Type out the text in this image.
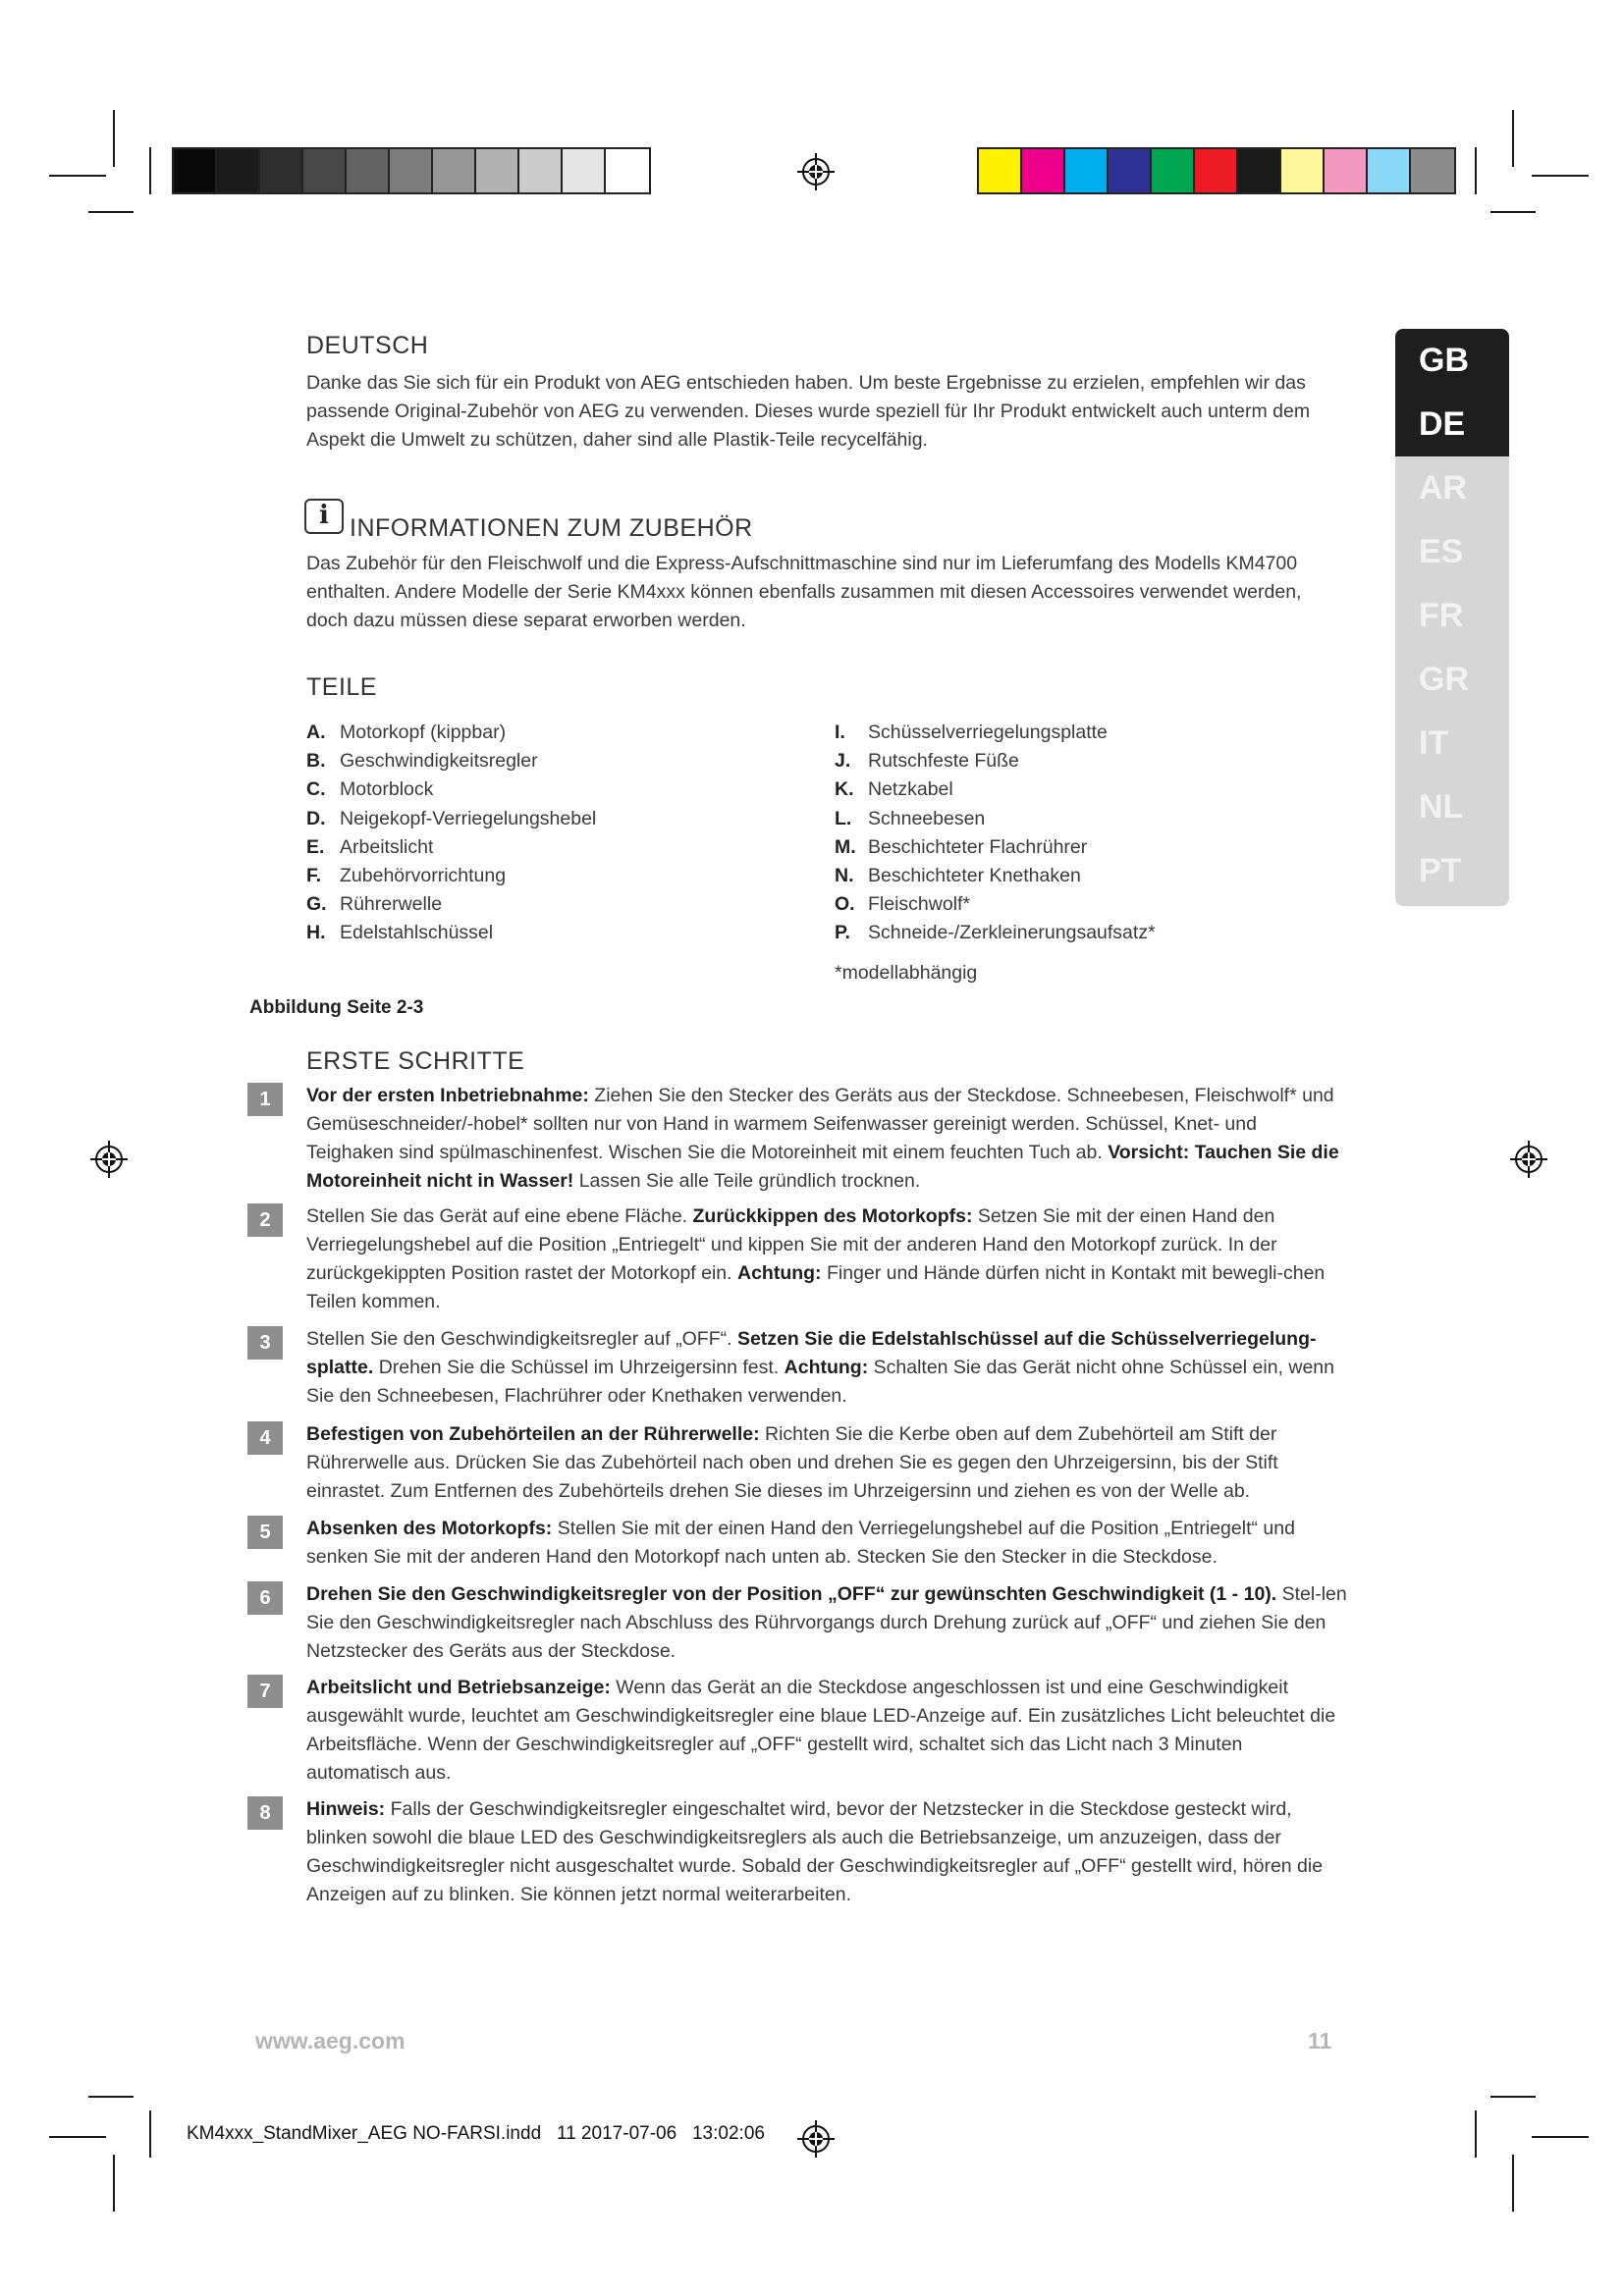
GB
DE
AR
ES
FR
GR
IT
NL
PT
DEUTSCH
Danke das Sie sich für ein Produkt von AEG entschieden haben. Um beste Ergebnisse zu erzielen, empfehlen wir das passende Original-Zubehör von AEG zu verwenden. Dieses wurde speziell für Ihr Produkt entwickelt auch unterm dem Aspekt die Umwelt zu schützen, daher sind alle Plastik-Teile recycelfähig.
i INFORMATIONEN ZUM ZUBEHÖR
Das Zubehör für den Fleischwolf und die Express-Aufschnittmaschine sind nur im Lieferumfang des Modells KM4700 enthalten. Andere Modelle der Serie KM4xxx können ebenfalls zusammen mit diesen Accessoires verwendet werden, doch dazu müssen diese separat erworben werden.
TEILE
A. Motorkopf (kippbar)
B. Geschwindigkeitsregler
C. Motorblock
D. Neigekopf-Verriegelungshebel
E. Arbeitslicht
F. Zubehörvorrichtung
G. Rührerwelle
H. Edelstahlschüssel
I.	Schüsselverriegelungsplatte
J. Rutschfeste Füße
K. Netzkabel
L. Schneebesen
M. Beschichteter Flachrührer
N. Beschichteter Knethaken
O. Fleischwolf*
P. Schneide-/Zerkleinerungsaufsatz*
*modellabhängig
Abbildung Seite 2-3
ERSTE SCHRITTE
1	Vor der ersten Inbetriebnahme: Ziehen Sie den Stecker des Geräts aus der Steckdose. Schneebesen, Fleischwolf* und Gemüseschneider/-hobel* sollten nur von Hand in warmem Seifenwasser gereinigt werden. Schüssel, Knet- und Teighaken sind spülmaschinenfest. Wischen Sie die Motoreinheit mit einem feuchten Tuch ab. Vorsicht: Tauchen Sie die Motoreinheit nicht in Wasser! Lassen Sie alle Teile gründlich trocknen.
2	Stellen Sie das Gerät auf eine ebene Fläche. Zurückkippen des Motorkopfs: Setzen Sie mit der einen Hand den Verriegelungshebel auf die Position „Entriegelt“ und kippen Sie mit der anderen Hand den Motorkopf zurück. In der zurückgekippten Position rastet der Motorkopf ein. Achtung: Finger und Hände dürfen nicht in Kontakt mit bewegli-chen Teilen kommen.
3	Stellen Sie den Geschwindigkeitsregler auf „OFF“. Setzen Sie die Edelstahlschüssel auf die Schüsselverriegelung-splatte. Drehen Sie die Schüssel im Uhrzeigersinn fest. Achtung: Schalten Sie das Gerät nicht ohne Schüssel ein, wenn Sie den Schneebesen, Flachrührer oder Knethaken verwenden.
4	Befestigen von Zubehörteilen an der Rührerwelle: Richten Sie die Kerbe oben auf dem Zubehörteil am Stift der Rührerwelle aus. Drücken Sie das Zubehörteil nach oben und drehen Sie es gegen den Uhrzeigersinn, bis der Stift einrastet. Zum Entfernen des Zubehörteils drehen Sie dieses im Uhrzeigersinn und ziehen es von der Welle ab.
5	Absenken des Motorkopfs: Stellen Sie mit der einen Hand den Verriegelungshebel auf die Position „Entriegelt“ und senken Sie mit der anderen Hand den Motorkopf nach unten ab. Stecken Sie den Stecker in die Steckdose.
6	Drehen Sie den Geschwindigkeitsregler von der Position „OFF“ zur gewünschten Geschwindigkeit (1 - 10). Stel-len Sie den Geschwindigkeitsregler nach Abschluss des Rührvorgangs durch Drehung zurück auf „OFF“ und ziehen Sie den Netzstecker des Geräts aus der Steckdose.
7	Arbeitslicht und Betriebsanzeige: Wenn das Gerät an die Steckdose angeschlossen ist und eine Geschwindigkeit ausgewählt wurde, leuchtet am Geschwindigkeitsregler eine blaue LED-Anzeige auf. Ein zusätzliches Licht beleuchtet die Arbeitsfläche. Wenn der Geschwindigkeitsregler auf „OFF“ gestellt wird, schaltet sich das Licht nach 3 Minuten automatisch aus.
8	Hinweis: Falls der Geschwindigkeitsregler eingeschaltet wird, bevor der Netzstecker in die Steckdose gesteckt wird, blinken sowohl die blaue LED des Geschwindigkeitsreglers als auch die Betriebsanzeige, um anzuzeigen, dass der Geschwindigkeitsregler nicht ausgeschaltet wurde. Sobald der Geschwindigkeitsregler auf „OFF“ gestellt wird, hören die Anzeigen auf zu blinken. Sie können jetzt normal weiterarbeiten.
www.aeg.com	11
KM4xxx_StandMixer_AEG NO-FARSI.indd   11 2017-07-06   13:02:06
